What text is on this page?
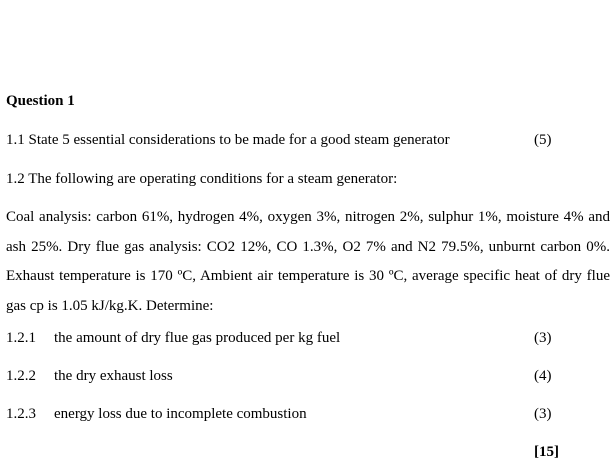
Question 1
1.1 State 5 essential considerations to be made for a good steam generator	(5)
1.2 The following are operating conditions for a steam generator:
Coal analysis: carbon 61%, hydrogen 4%, oxygen 3%, nitrogen 2%, sulphur 1%, moisture 4% and ash 25%. Dry flue gas analysis: CO2 12%, CO 1.3%, O2 7% and N2 79.5%, unburnt carbon 0%. Exhaust temperature is 170 ºC, Ambient air temperature is 30 ºC, average specific heat of dry flue gas cp is 1.05 kJ/kg.K. Determine:
1.2.1 the amount of dry flue gas produced per kg fuel	(3)
1.2.2 the dry exhaust loss	(4)
1.2.3 energy loss due to incomplete combustion	(3)
[15]
